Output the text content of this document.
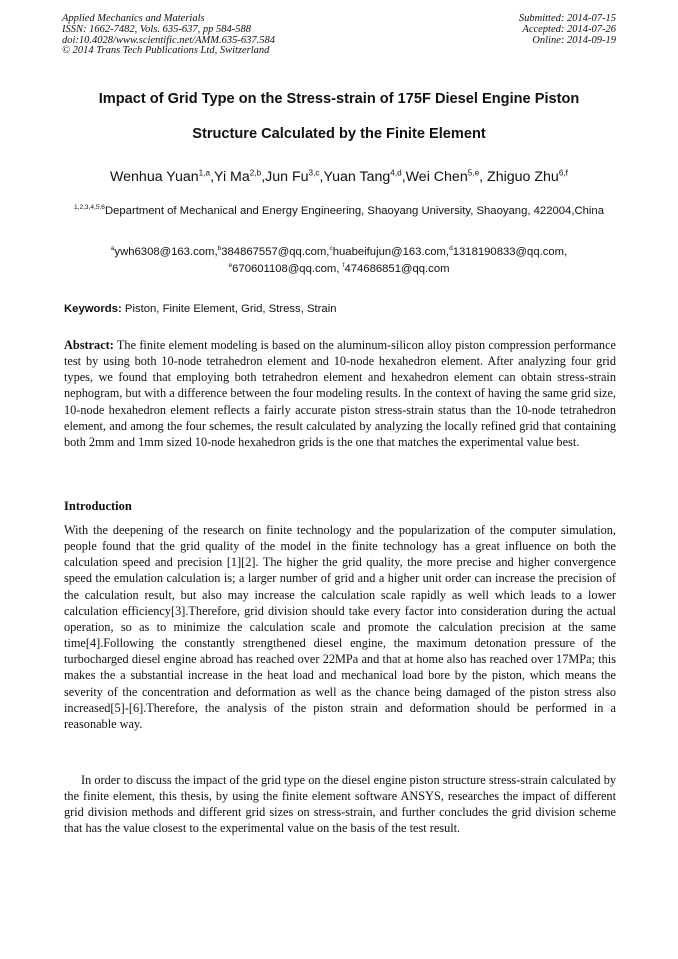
Applied Mechanics and Materials
ISSN: 1662-7482, Vols. 635-637, pp 584-588
doi:10.4028/www.scientific.net/AMM.635-637.584
© 2014 Trans Tech Publications Ltd, Switzerland
Submitted: 2014-07-15
Accepted: 2014-07-26
Online: 2014-09-19
Impact of Grid Type on the Stress-strain of 175F Diesel Engine Piston
Structure Calculated by the Finite Element
Wenhua Yuan$^{1,a}$,Yi Ma$^{2,b}$,Jun Fu$^{3,c}$,Yuan Tang$^{4,d}$,Wei Chen$^{5,e}$, Zhiguo Zhu$^{6,f}$
$^{1,2,3,4,5,6}$Department of Mechanical and Energy Engineering, Shaoyang University, Shaoyang, 422004,China
$^a$ywh6308@163.com,$^b$384867557@qq.com,$^c$huabeifujun@163.com,$^d$1318190833@qq.com,
$^e$670601108@qq.com, $^f$474686851@qq.com
Keywords: Piston, Finite Element, Grid, Stress, Strain
Abstract: The finite element modeling is based on the aluminum-silicon alloy piston compression performance test by using both 10-node tetrahedron element and 10-node hexahedron element. After analyzing four grid types, we found that employing both tetrahedron element and hexahedron element can obtain stress-strain nephogram, but with a difference between the four modeling results. In the context of having the same grid size, 10-node hexahedron element reflects a fairly accurate piston stress-strain status than the 10-node tetrahedron element, and among the four schemes, the result calculated by analyzing the locally refined grid that containing both 2mm and 1mm sized 10-node hexahedron grids is the one that matches the experimental value best.
Introduction
With the deepening of the research on finite technology and the popularization of the computer simulation, people found that the grid quality of the model in the finite technology has a great influence on both the calculation speed and precision [1][2]. The higher the grid quality, the more precise and higher convergence speed the emulation calculation is; a larger number of grid and a higher unit order can increase the precision of the calculation result, but also may increase the calculation scale rapidly as well which leads to a lower calculation efficiency[3].Therefore, grid division should take every factor into consideration during the actual operation, so as to minimize the calculation scale and promote the calculation precision at the same time[4].Following the constantly strengthened diesel engine, the maximum detonation pressure of the turbocharged diesel engine abroad has reached over 22MPa and that at home also has reached over 17MPa; this makes the a substantial increase in the heat load and mechanical load bore by the piston, which means the severity of the concentration and deformation as well as the chance being damaged of the piston stress also increased[5]-[6].Therefore, the analysis of the piston strain and deformation should be performed in a reasonable way.
In order to discuss the impact of the grid type on the diesel engine piston structure stress-strain calculated by the finite element, this thesis, by using the finite element software ANSYS, researches the impact of different grid division methods and different grid sizes on stress-strain, and further concludes the grid division scheme that has the value closest to the experimental value on the basis of the test result.
